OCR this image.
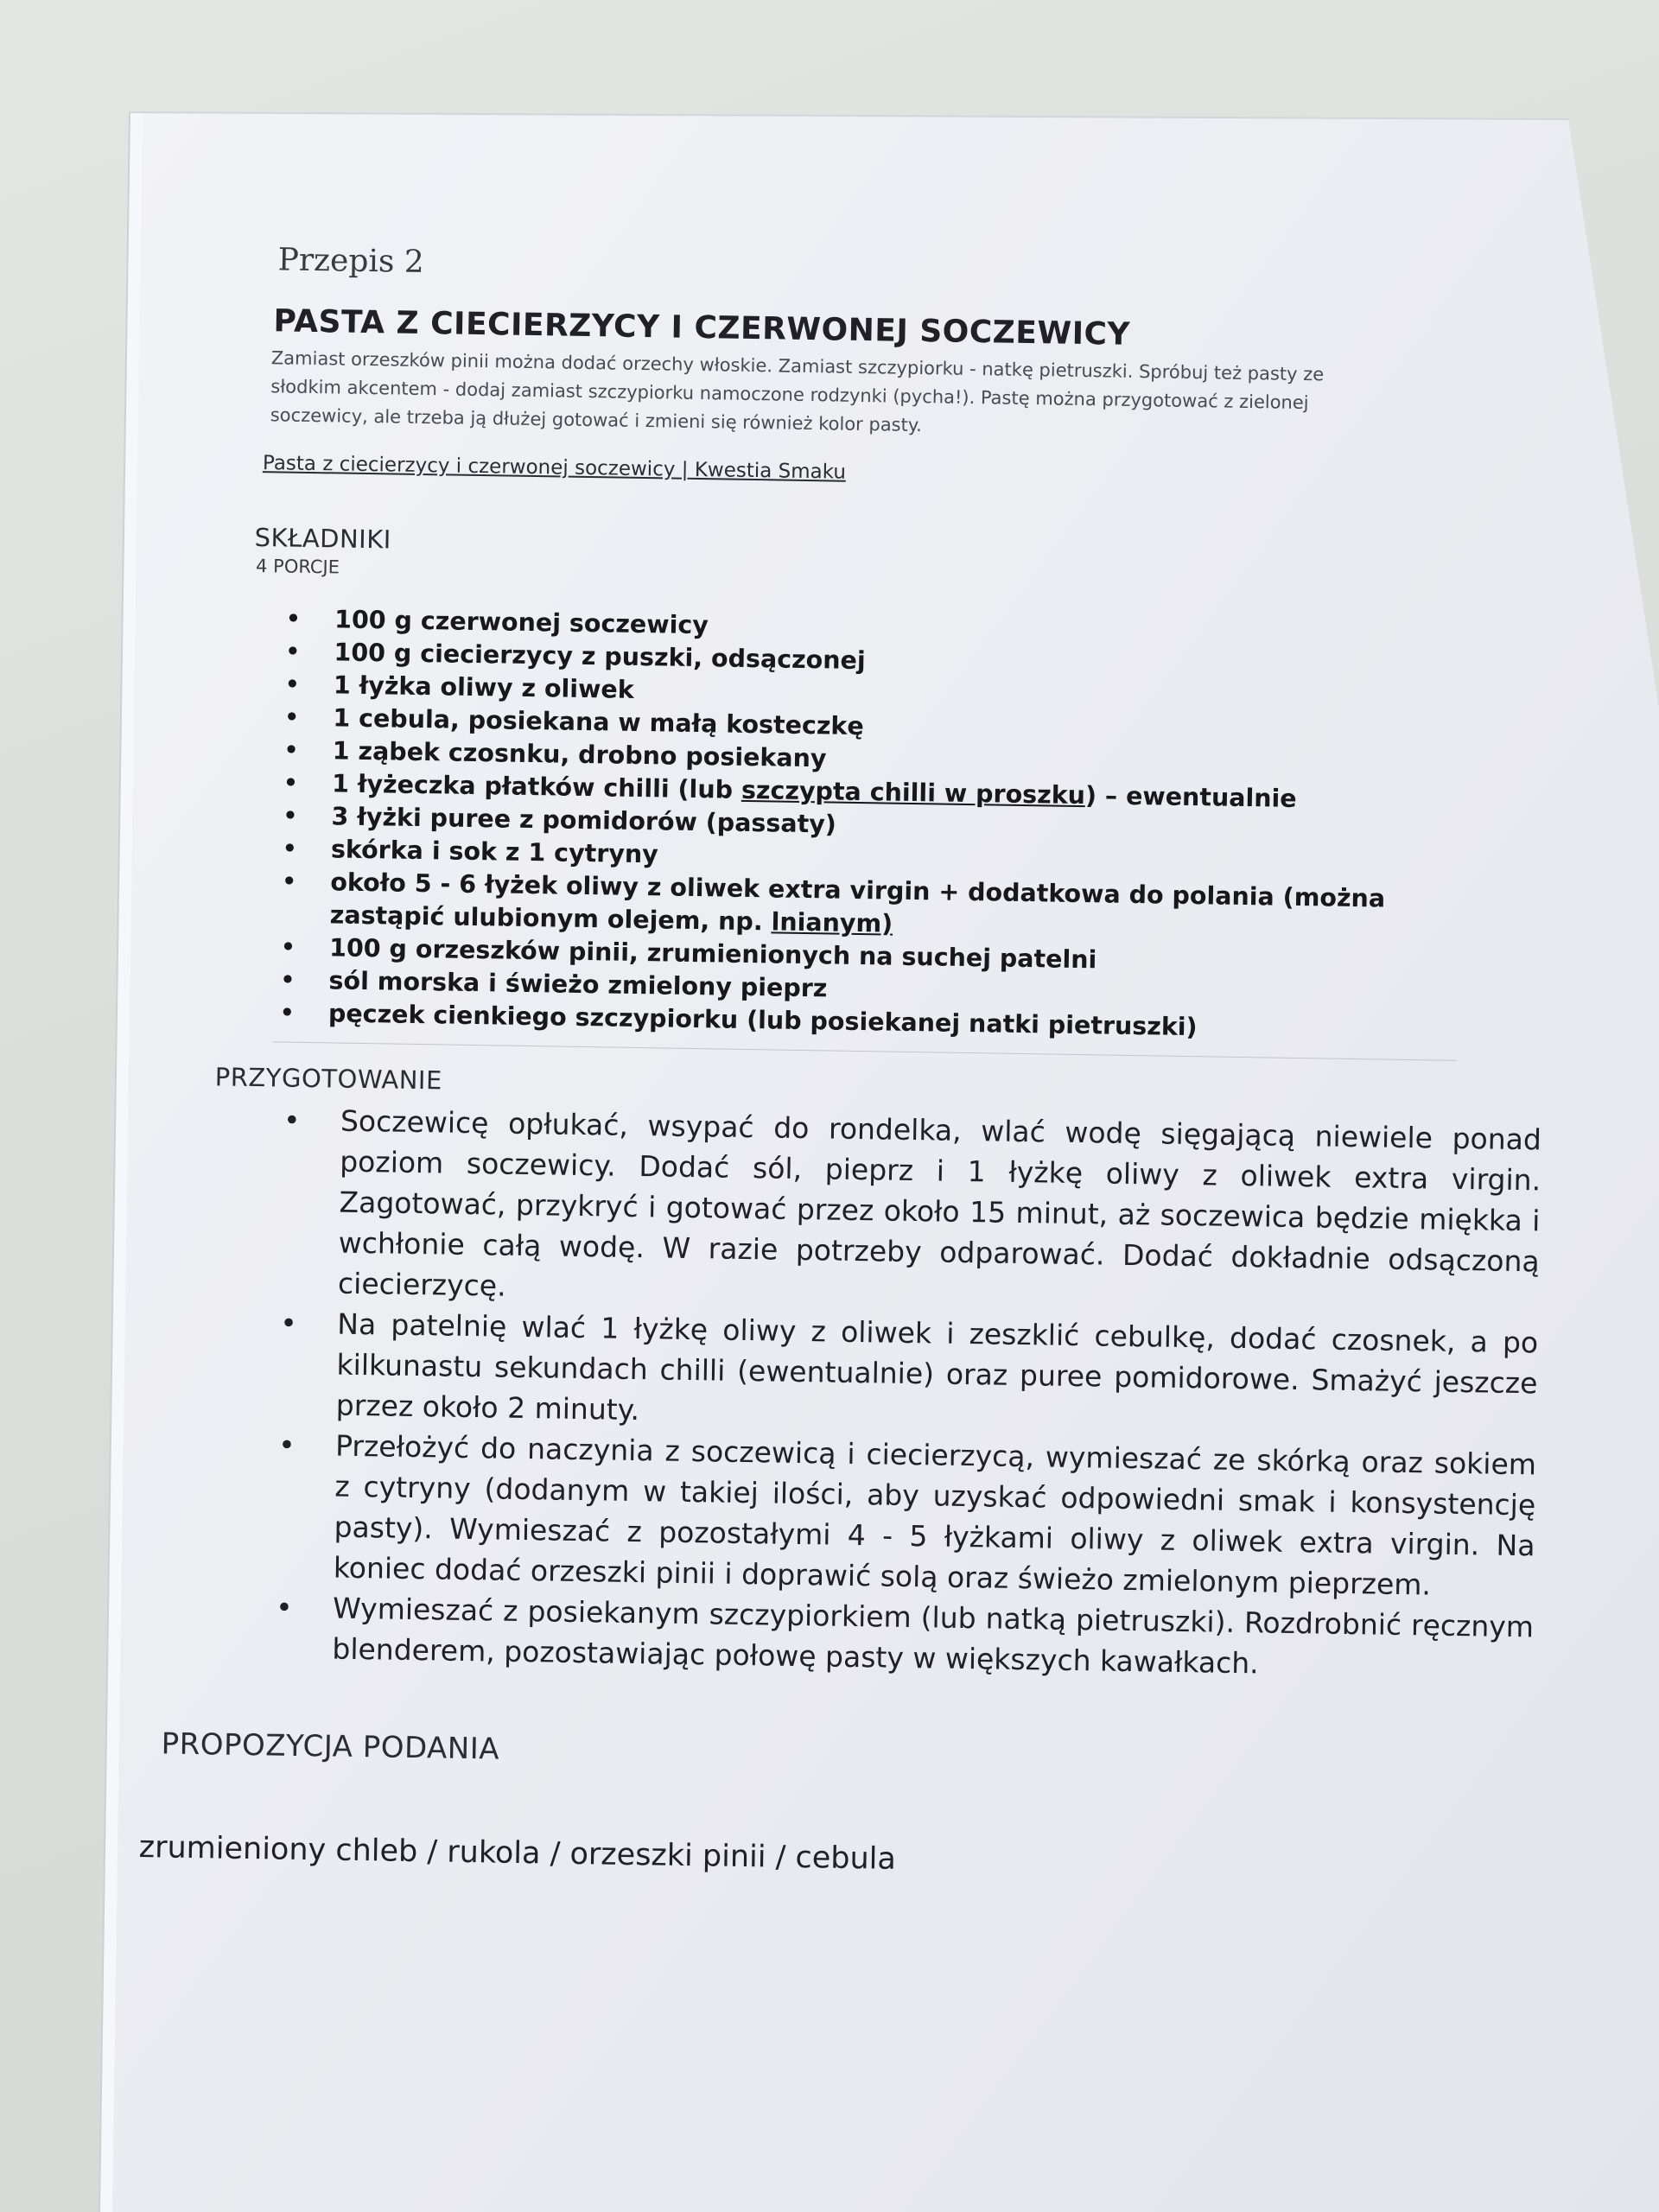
Przepis 2
PASTA Z CIECIERZYCY I CZERWONEJ SOCZEWICY
Zamiast orzeszków pinii można dodać orzechy włoskie. Zamiast szczypiorku - natkę pietruszki. Spróbuj też pasty ze słodkim akcentem - dodaj zamiast szczypiorku namoczone rodzynki (pycha!). Pastę można przygotować z zielonej soczewicy, ale trzeba ją dłużej gotować i zmieni się również kolor pasty.
Pasta z ciecierzycy i czerwonej soczewicy | Kwestia Smaku
SKŁADNIKI
4 PORCJE
• 100 g czerwonej soczewicy
• 100 g ciecierzycy z puszki, odsączonej
• 1 łyżka oliwy z oliwek
• 1 cebula, posiekana w małą kosteczkę
• 1 ząbek czosnku, drobno posiekany
• 1 łyżeczka płatków chilli (lub szczypta chilli w proszku) – ewentualnie
• 3 łyżki puree z pomidorów (passaty)
• skórka i sok z 1 cytryny
• około 5 - 6 łyżek oliwy z oliwek extra virgin + dodatkowa do polania (można zastąpić ulubionym olejem, np. lnianym)
• 100 g orzeszków pinii, zrumienionych na suchej patelni
• sól morska i świeżo zmielony pieprz
• pęczek cienkiego szczypiorku (lub posiekanej natki pietruszki)
PRZYGOTOWANIE
• Soczewicę opłukać, wsypać do rondelka, wlać wodę sięgającą niewiele ponad poziom soczewicy. Dodać sól, pieprz i 1 łyżkę oliwy z oliwek extra virgin. Zagotować, przykryć i gotować przez około 15 minut, aż soczewica będzie miękka i wchłonie całą wodę. W razie potrzeby odparować. Dodać dokładnie odsączoną ciecierzycę.
• Na patelnię wlać 1 łyżkę oliwy z oliwek i zeszklić cebulkę, dodać czosnek, a po kilkunastu sekundach chilli (ewentualnie) oraz puree pomidorowe. Smażyć jeszcze przez około 2 minuty.
• Przełożyć do naczynia z soczewicą i ciecierzycą, wymieszać ze skórką oraz sokiem z cytryny (dodanym w takiej ilości, aby uzyskać odpowiedni smak i konsystencję pasty). Wymieszać z pozostałymi 4 - 5 łyżkami oliwy z oliwek extra virgin. Na koniec dodać orzeszki pinii i doprawić solą oraz świeżo zmielonym pieprzem.
• Wymieszać z posiekanym szczypiorkiem (lub natką pietruszki). Rozdrobnić ręcznym blenderem, pozostawiając połowę pasty w większych kawałkach.
PROPOZYCJA PODANIA
zrumieniony chleb / rukola / orzeszki pinii / cebula
